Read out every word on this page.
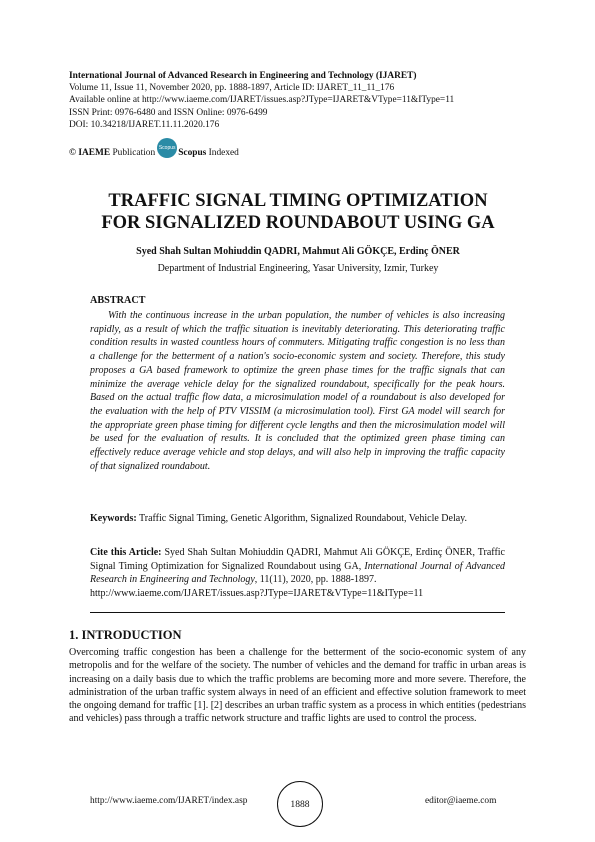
International Journal of Advanced Research in Engineering and Technology (IJARET)
Volume 11, Issue 11, November 2020, pp. 1888-1897, Article ID: IJARET_11_11_176
Available online at http://www.iaeme.com/IJARET/issues.asp?JType=IJARET&VType=11&IType=11
ISSN Print: 0976-6480 and ISSN Online: 0976-6499
DOI: 10.34218/IJARET.11.11.2020.176
© IAEME
Publication Scopus Scopus
Indexed
TRAFFIC SIGNAL TIMING OPTIMIZATION
FOR SIGNALIZED ROUNDABOUT USING GA
Syed Shah Sultan Mohiuddin QADRI, Mahmut Ali GÖKÇE, Erdinç ÖNER
Department of Industrial Engineering, Yasar University, Izmir, Turkey
ABSTRACT
With the continuous increase in the urban population, the number of vehicles is also increasing rapidly, as a result of which the traffic situation is inevitably deteriorating. This deteriorating traffic condition results in wasted countless hours of commuters. Mitigating traffic congestion is no less than a challenge for the betterment of a nation's socio-economic system and society. Therefore, this study proposes a GA based framework to optimize the green phase times for the traffic signals that can minimize the average vehicle delay for the signalized roundabout, specifically for the peak hours. Based on the actual traffic flow data, a microsimulation model of a roundabout is also developed for the evaluation with the help of PTV VISSIM (a microsimulation tool). First GA model will search for the appropriate green phase timing for different cycle lengths and then the microsimulation model will be used for the evaluation of results. It is concluded that the optimized green phase timing can effectively reduce average vehicle and stop delays, and will also help in improving the traffic capacity of that signalized roundabout.
Keywords: Traffic Signal Timing, Genetic Algorithm, Signalized Roundabout, Vehicle Delay.
Cite this Article: Syed Shah Sultan Mohiuddin QADRI, Mahmut Ali GÖKÇE, Erdinç ÖNER, Traffic Signal Timing Optimization for Signalized Roundabout using GA, International Journal of Advanced Research in Engineering and Technology, 11(11), 2020, pp. 1888-1897.
http://www.iaeme.com/IJARET/issues.asp?JType=IJARET&VType=11&IType=11
1. INTRODUCTION
Overcoming traffic congestion has been a challenge for the betterment of the socio-economic system of any metropolis and for the welfare of the society. The number of vehicles and the demand for traffic in urban areas is increasing on a daily basis due to which the traffic problems are becoming more and more severe. Therefore, the administration of the urban traffic system always in need of an efficient and effective solution framework to meet the ongoing demand for traffic [1]. [2] describes an urban traffic system as a process in which entities (pedestrians and vehicles) pass through a traffic network structure and traffic lights are used to control the process.
http://www.iaeme.com/IJARET/index.asp	1888	editor@iaeme.com
